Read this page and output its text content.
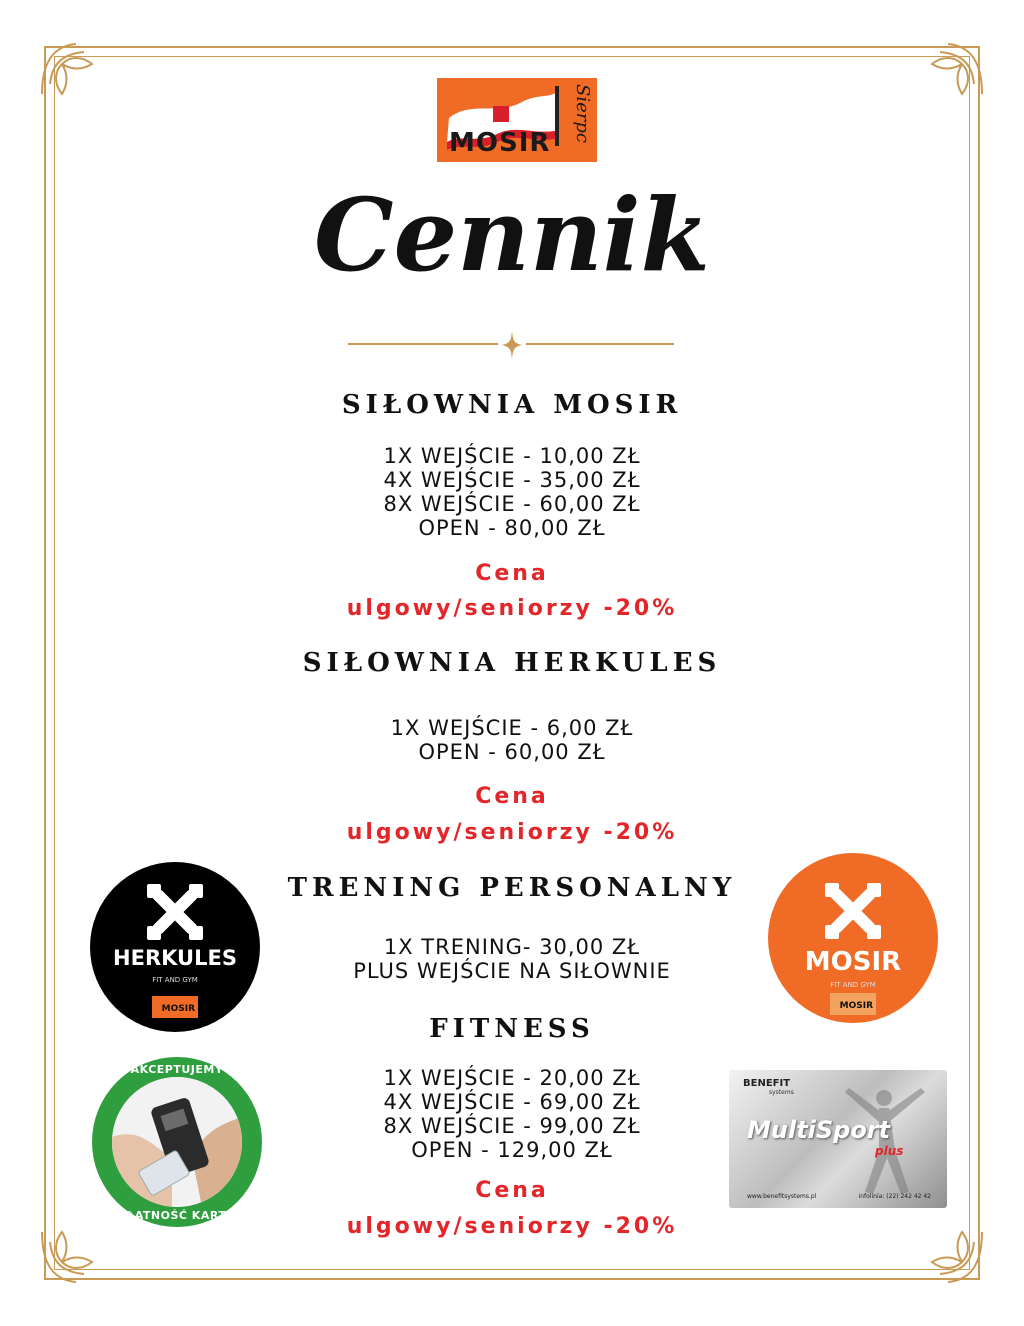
MOSIR
Sierpc
Cennik
SIŁOWNIA MOSIR
1X WEJŚCIE - 10,00 ZŁ
4X WEJŚCIE - 35,00 ZŁ
8X WEJŚCIE - 60,00 ZŁ
OPEN - 80,00 ZŁ
Cena
ulgowy/seniorzy -20%
SIŁOWNIA HERKULES
1X WEJŚCIE - 6,00 ZŁ
OPEN - 60,00 ZŁ
Cena
ulgowy/seniorzy -20%
TRENING PERSONALNY
1X TRENING- 30,00 ZŁ
PLUS WEJŚCIE NA SIŁOWNIE
FITNESS
1X WEJŚCIE - 20,00 ZŁ
4X WEJŚCIE - 69,00 ZŁ
8X WEJŚCIE - 99,00 ZŁ
OPEN - 129,00 ZŁ
Cena
ulgowy/seniorzy -20%
HERKULES
FIT AND GYM
MOSIR
MOSIR
FIT AND GYM
MOSIR
AKCEPTUJEMY
PŁATNOŚĆ KARTĄ
BENEFIT
systems
MultiSport
plus
www.benefitsystems.pl	infolinia: (22) 242 42 42
